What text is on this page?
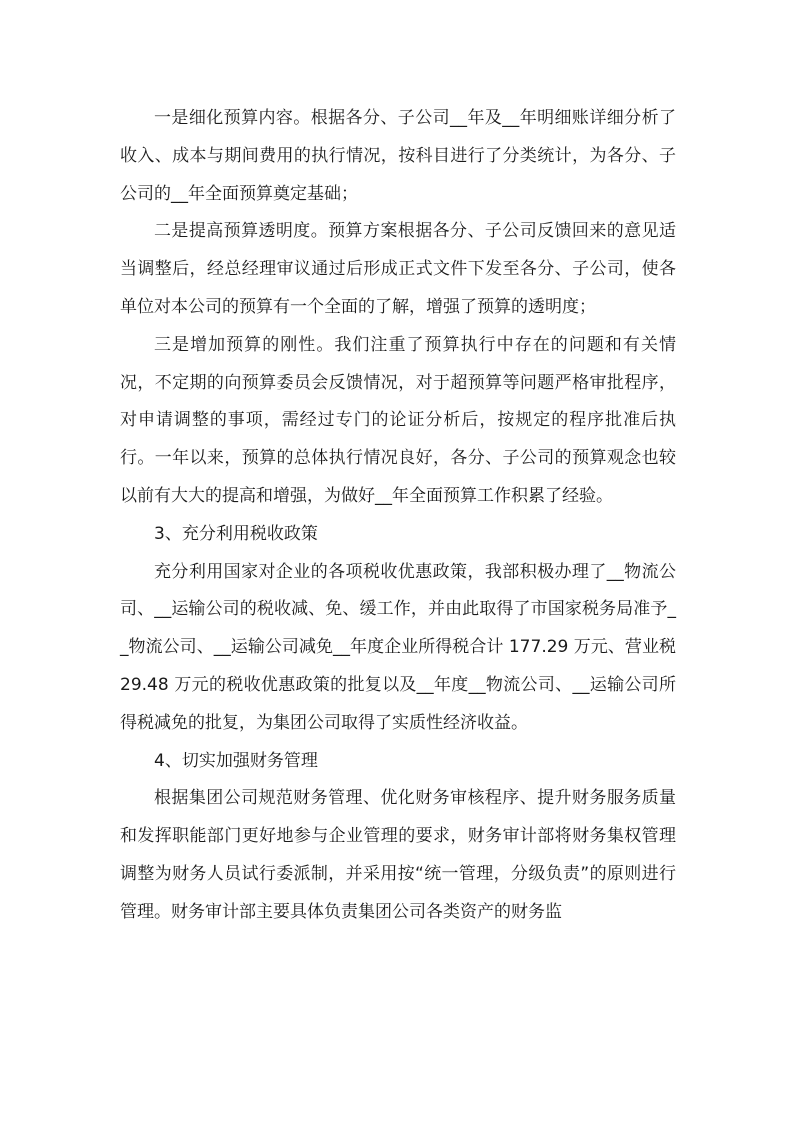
一是细化预算内容。根据各分、子公司__年及__年明细账详细分析了收入、成本与期间费用的执行情况，按科目进行了分类统计，为各分、子公司的__年全面预算奠定基础；

二是提高预算透明度。预算方案根据各分、子公司反馈回来的意见适当调整后，经总经理审议通过后形成正式文件下发至各分、子公司，使各单位对本公司的预算有一个全面的了解，增强了预算的透明度；

三是增加预算的刚性。我们注重了预算执行中存在的问题和有关情况，不定期的向预算委员会反馈情况，对于超预算等问题严格审批程序，对申请调整的事项，需经过专门的论证分析后，按规定的程序批准后执行。一年以来，预算的总体执行情况良好，各分、子公司的预算观念也较以前有大大的提高和增强，为做好__年全面预算工作积累了经验。

3、充分利用税收政策

充分利用国家对企业的各项税收优惠政策，我部积极办理了__物流公司、__运输公司的税收减、免、缓工作，并由此取得了市国家税务局准予__物流公司、__运输公司减免__年度企业所得税合计 177.29 万元、营业税 29.48 万元的税收优惠政策的批复以及__年度__物流公司、__运输公司所得税减免的批复，为集团公司取得了实质性经济收益。

4、切实加强财务管理

根据集团公司规范财务管理、优化财务审核程序、提升财务服务质量和发挥职能部门更好地参与企业管理的要求，财务审计部将财务集权管理调整为财务人员试行委派制，并采用按“统一管理，分级负责”的原则进行管理。财务审计部主要具体负责集团公司各类资产的财务监
